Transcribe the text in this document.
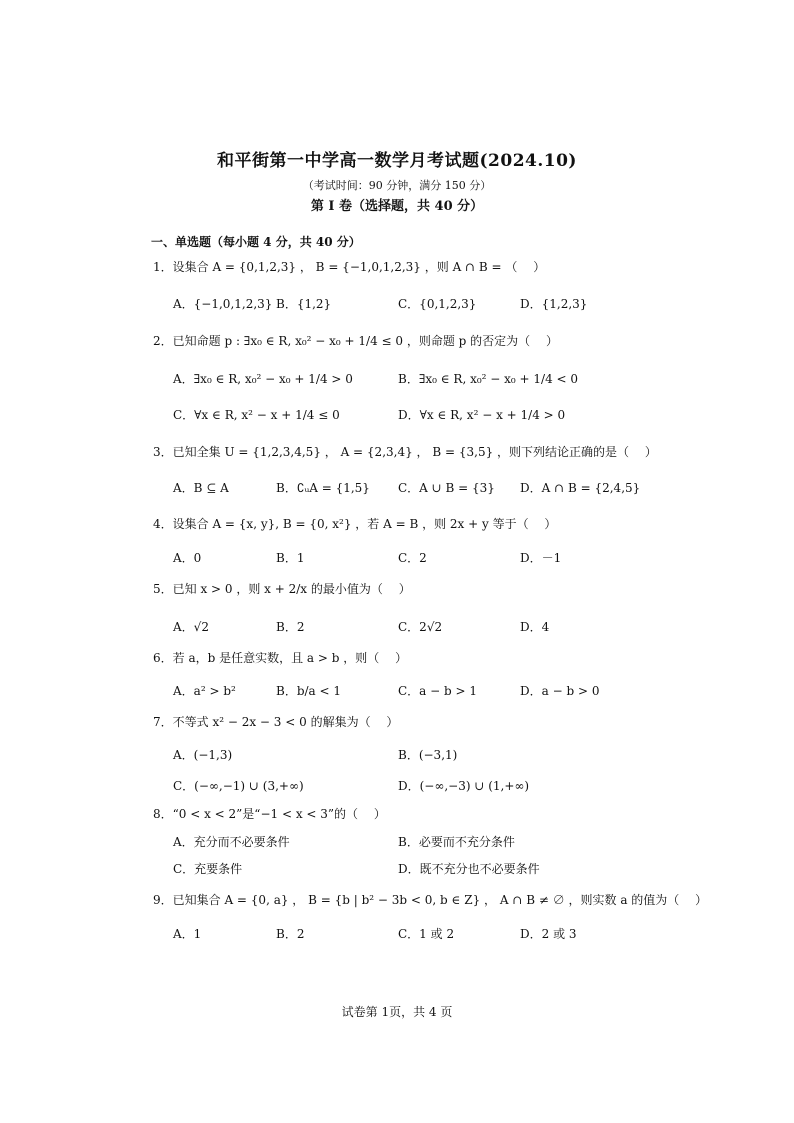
和平街第一中学高一数学月考试题(2024.10)
（考试时间：90 分钟，满分 150 分）
第 I 卷（选择题，共 40 分）
一、单选题（每小题 4 分，共 40 分）
1．设集合 A = {0,1,2,3} ， B = {−1,0,1,2,3} ，则 A ∩ B = （　 ）
A．{−1,0,1,2,3} B．{1,2}	C．{0,1,2,3}	D．{1,2,3}
2．已知命题 p : ∃x₀ ∈ R, x₀² − x₀ + 1/4 ≤ 0 ，则命题 p 的否定为（　 ）
A．∃x₀ ∈ R, x₀² − x₀ + 1/4 > 0	B．∃x₀ ∈ R, x₀² − x₀ + 1/4 < 0
C．∀x ∈ R, x² − x + 1/4 ≤ 0	D．∀x ∈ R, x² − x + 1/4 > 0
3．已知全集 U = {1,2,3,4,5} ， A = {2,3,4} ， B = {3,5} ，则下列结论正确的是（　 ）
A．B ⊆ A	B．∁ᵤA = {1,5} C．A ∪ B = {3} D．A ∩ B = {2,4,5}
4．设集合 A = {x, y}, B = {0, x²} ，若 A = B ，则 2x + y 等于（　 ）
A．0	B．1	C．2	D．－1
5．已知 x > 0 ，则 x + 2/x 的最小值为（　 ）
A．√2	B．2	C．2√2	D．4
6．若 a，b 是任意实数，且 a > b ，则（　 ）
A．a² > b²	B．b/a < 1	C．a − b > 1	D．a − b > 0
7．不等式 x² − 2x − 3 < 0 的解集为（　 ）
A．(−1,3)	B．(−3,1)
C．(−∞,−1) ∪ (3,+∞)	D．(−∞,−3) ∪ (1,+∞)
8．“0 < x < 2”是“−1 < x < 3”的（　 ）
A．充分而不必要条件	B．必要而不充分条件
C．充要条件	D．既不充分也不必要条件
9．已知集合 A = {0, a} ， B = {b | b² − 3b < 0, b ∈ Z} ， A ∩ B ≠ ∅ ，则实数 a 的值为（　 ）
A．1	B．2	C．1 或 2	D．2 或 3
试卷第 1页，共 4 页
